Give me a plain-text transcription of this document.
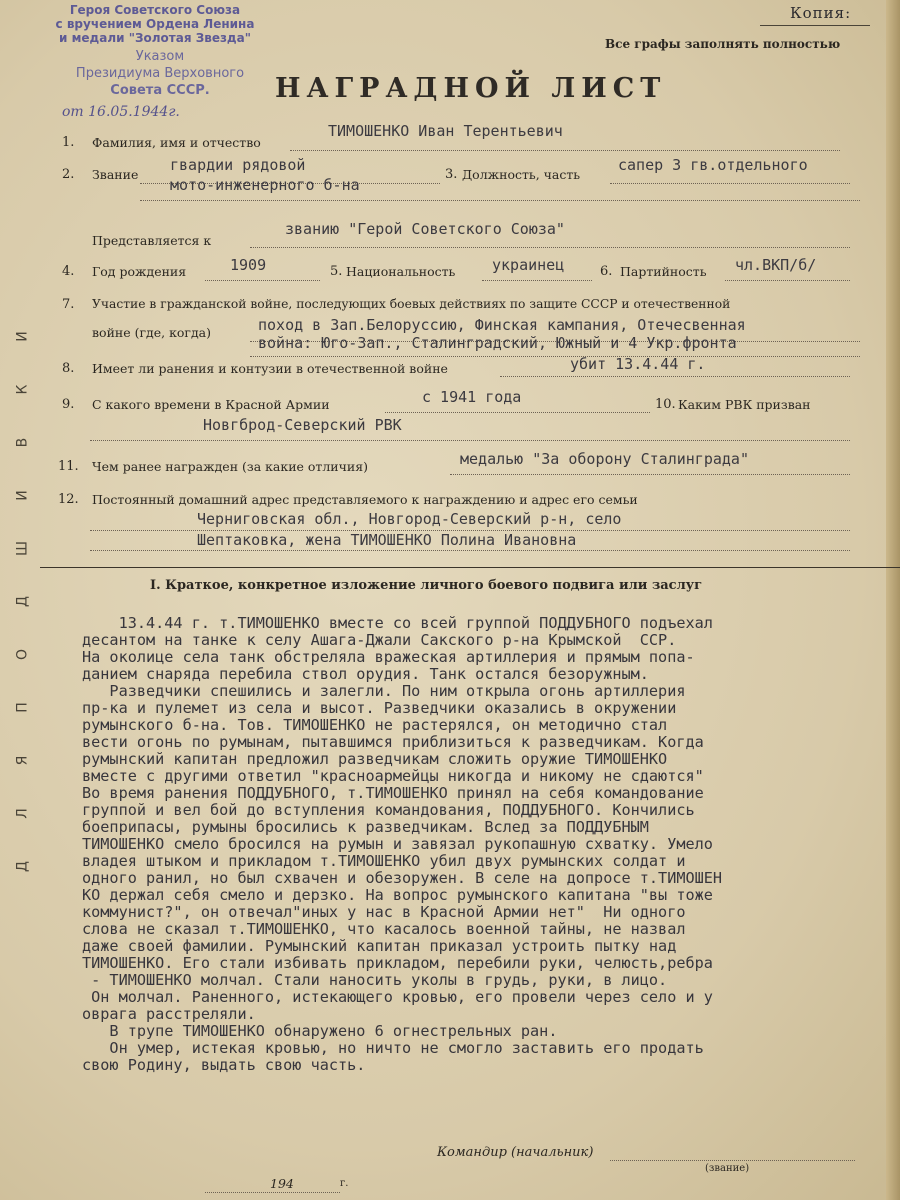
Героя Советского Союза
с вручением Ордена Ленина
и медали "Золотая Звезда"
Указом
Президиума Верховного
Совета СССР.
от 16.05.1944г.
Копия:
Все графы заполнять полностью
НАГРАДНОЙ ЛИСТ
1. Фамилия, имя и отчество
ТИМОШЕНКО Иван Терентьевич
2. Звание
гвардии рядовой
мото-инженерного б-на
3. Должность, часть
сапер 3 гв.отдельного
Представляется к
званию "Герой Советского Союза"
4. Год рождения	1909	5. Национальность украинец	6. Партийность чл.ВКП/б/
7. Участие в гражданской войне, последующих боевых действиях по защите СССР и отечественной
войне (где, когда)	поход в Зап.Белоруссию, Финская кампания, Отечесвенная
война: Юго-Зап., Сталинградский, Южный и 4 Укр.фронта
8. Имеет ли ранения и контузии в отечественной войне	убит 13.4.44 г.
9. С какого времени в Красной Армии	с 1941 года	10. Каким РВК призван
Новгброд-Северский РВК
11. Чем ранее награжден (за какие отличия)	медалью "За оборону Сталинграда"
12. Постоянный домашний адрес представляемого к награждению и адрес его семьи
Черниговская обл., Новгород-Северский р-н, село
Шептаковка, жена ТИМОШЕНКО Полина Ивановна
И
К
В
И
Ш
Д
О
П
Я
Л
Д
I. Краткое, конкретное изложение личного боевого подвига или заслуг
13.4.44 г. т.ТИМОШЕНКО вместе со всей группой ПОДДУБНОГО подъехал
десантом на танке к селу Ашага-Джали Сакского р-на Крымской  ССР.
На околице села танк обстреляла вражеская артиллерия и прямым попа-
данием снаряда перебила ствол орудия. Танк остался безоружным.
Разведчики спешились и залегли. По ним открыла огонь артиллерия
пр-ка и пулемет из села и высот. Разведчики оказались в окружении
румынского б-на. Тов. ТИМОШЕНКО не растерялся, он методично стал
вести огонь по румынам, пытавшимся приблизиться к разведчикам. Когда
румынский капитан предложил разведчикам сложить оружие ТИМОШЕНКО
вместе с другими ответил "красноармейцы никогда и никому не сдаются"
Во время ранения ПОДДУБНОГО, т.ТИМОШЕНКО принял на себя командование
группой и вел бой до вступления командования, ПОДДУБНОГО. Кончились
боеприпасы, румыны бросились к разведчикам. Вслед за ПОДДУБНЫМ
ТИМОШЕНКО смело бросился на румын и завязал рукопашную схватку. Умело
владея штыком и прикладом т.ТИМОШЕНКО убил двух румынских солдат и
одного ранил, но был схвачен и обезоружен. В селе на допросе т.ТИМОШЕН
КО держал себя смело и дерзко. На вопрос румынского капитана "вы тоже
коммунист?", он отвечал"иных у нас в Красной Армии нет"  Ни одного
слова не сказал т.ТИМОШЕНКО, что касалось военной тайны, не назвал
даже своей фамилии. Румынский капитан приказал устроить пытку над
ТИМОШЕНКО. Его стали избивать прикладом, перебили руки, челюсть,ребра
- ТИМОШЕНКО молчал. Стали наносить уколы в грудь, руки, в лицо.
Он молчал. Раненного, истекающего кровью, его провели через село и у
оврага расстреляли.
В трупе ТИМОШЕНКО обнаружено 6 огнестрельных ран.
Он умер, истекая кровью, но ничто не смогло заставить его продать
свою Родину, выдать свою часть.
Командир (начальник)
(звание)
194	г.
